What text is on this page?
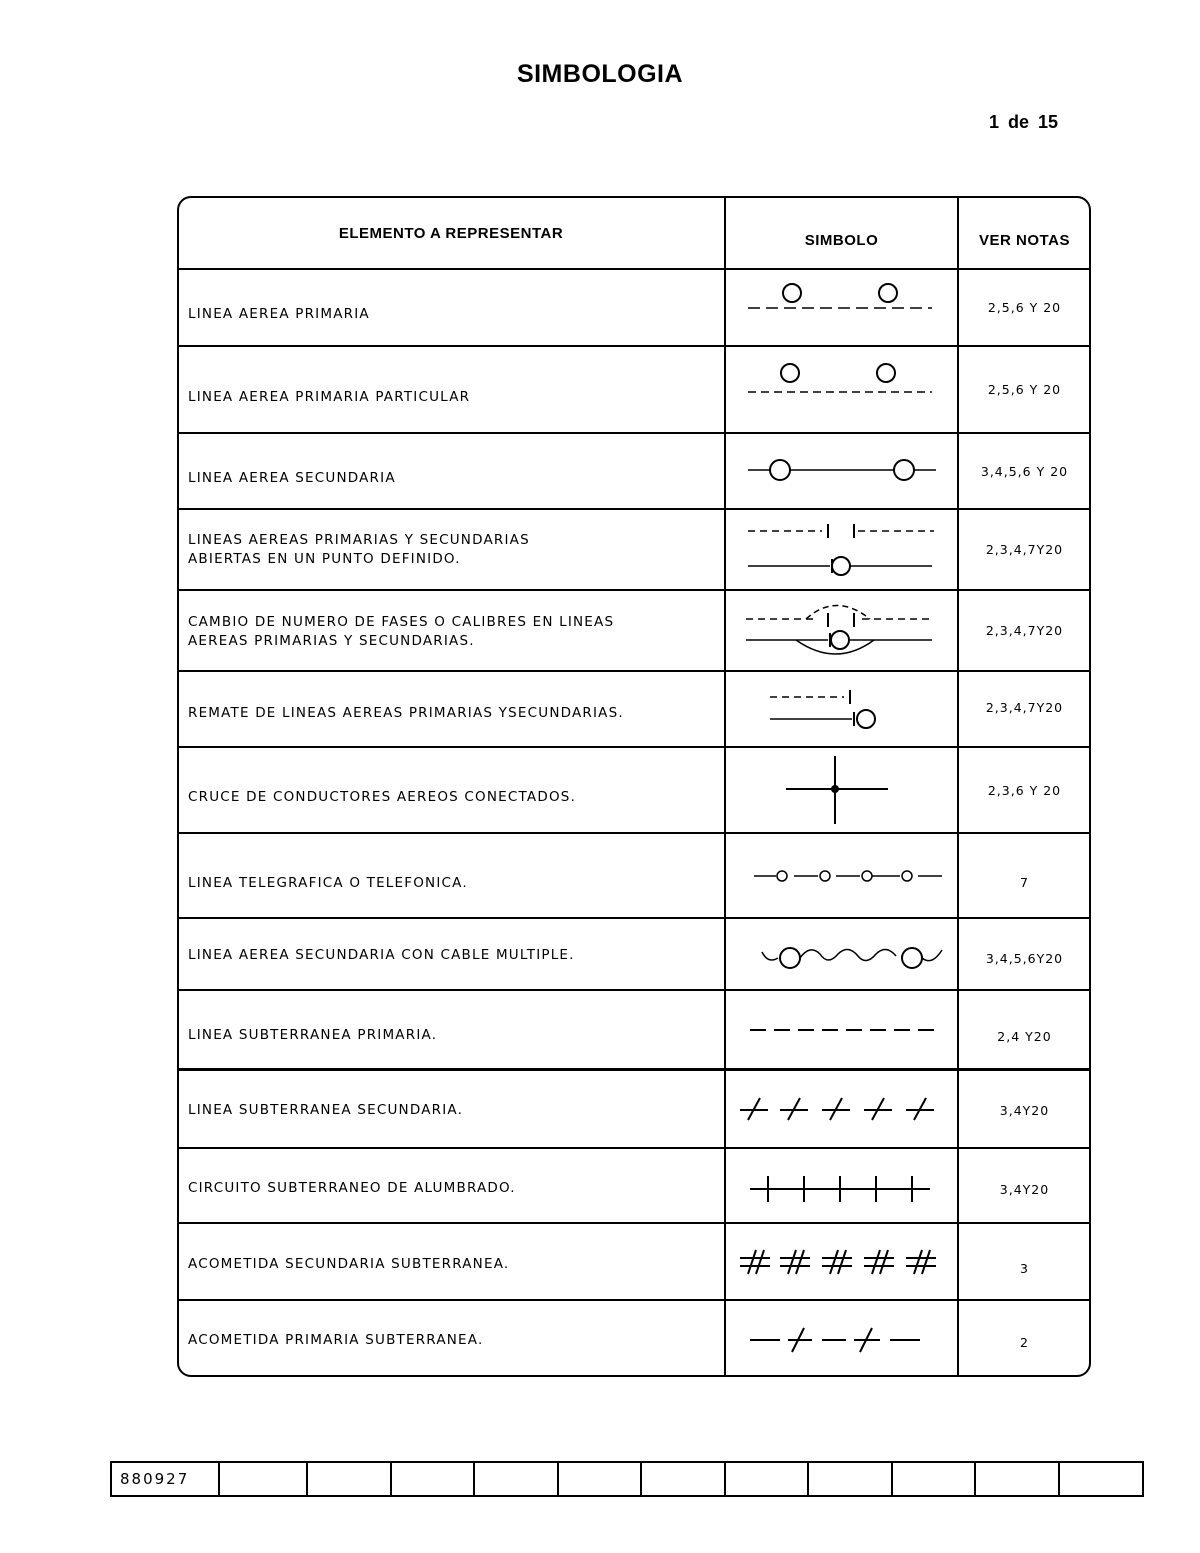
SIMBOLOGIA
1 de 15
ELEMENTO A REPRESENTAR	SIMBOLO	VER NOTAS
LINEA AEREA PRIMARIA	2,5,6 Y 20
LINEA AEREA PRIMARIA PARTICULAR	2,5,6 Y 20
LINEA AEREA SECUNDARIA	3,4,5,6 Y 20
LINEAS AEREAS PRIMARIAS Y SECUNDARIAS
ABIERTAS EN UN PUNTO DEFINIDO.
2,3,4,7Y20
CAMBIO DE NUMERO DE FASES O CALIBRES EN LINEAS
AEREAS PRIMARIAS Y SECUNDARIAS.
2,3,4,7Y20
REMATE DE LINEAS AEREAS PRIMARIAS YSECUNDARIAS.	2,3,4,7Y20
CRUCE DE CONDUCTORES AEREOS CONECTADOS.	2,3,6 Y 20
LINEA TELEGRAFICA O TELEFONICA.	7
LINEA AEREA SECUNDARIA CON CABLE MULTIPLE.	3,4,5,6Y20
LINEA SUBTERRANEA PRIMARIA.	2,4 Y20
LINEA SUBTERRANEA SECUNDARIA.	3,4Y20
CIRCUITO SUBTERRANEO DE ALUMBRADO.	3,4Y20
ACOMETIDA SECUNDARIA SUBTERRANEA.	3
ACOMETIDA PRIMARIA SUBTERRANEA.	2
880927
